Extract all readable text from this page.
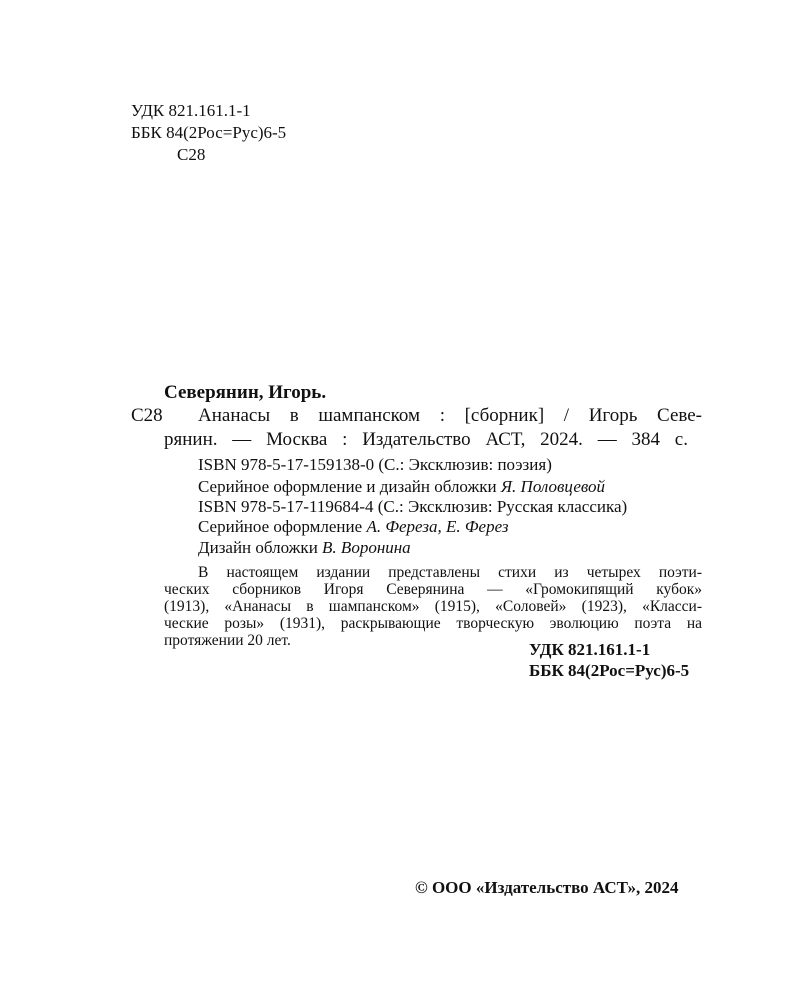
УДК 821.161.1-1
ББК 84(2Рос=Рус)6-5
С28
Северянин, Игорь.
С28 Ананасы в шампанском : [сборник] / Игорь Севе-
рянин. — Москва : Издательство АСТ, 2024. — 384 с.
ISBN 978-5-17-159138-0 (С.: Эксклюзив: поэзия)
Серийное оформление и дизайн обложки Я. Половцевой
ISBN 978-5-17-119684-4 (С.: Эксклюзив: Русская классика)
Серийное оформление А. Фереза, Е. Ферез
Дизайн обложки В. Воронина
В настоящем издании представлены стихи из четырех поэти-
ческих сборников Игоря Северянина — «Громокипящий кубок»
(1913), «Ананасы в шампанском» (1915), «Соловей» (1923), «Класси-
ческие розы» (1931), раскрывающие творческую эволюцию поэта на
протяжении 20 лет.	УДК 821.161.1-1
ББК 84(2Рос=Рус)6-5
© ООО «Издательство АСТ», 2024
